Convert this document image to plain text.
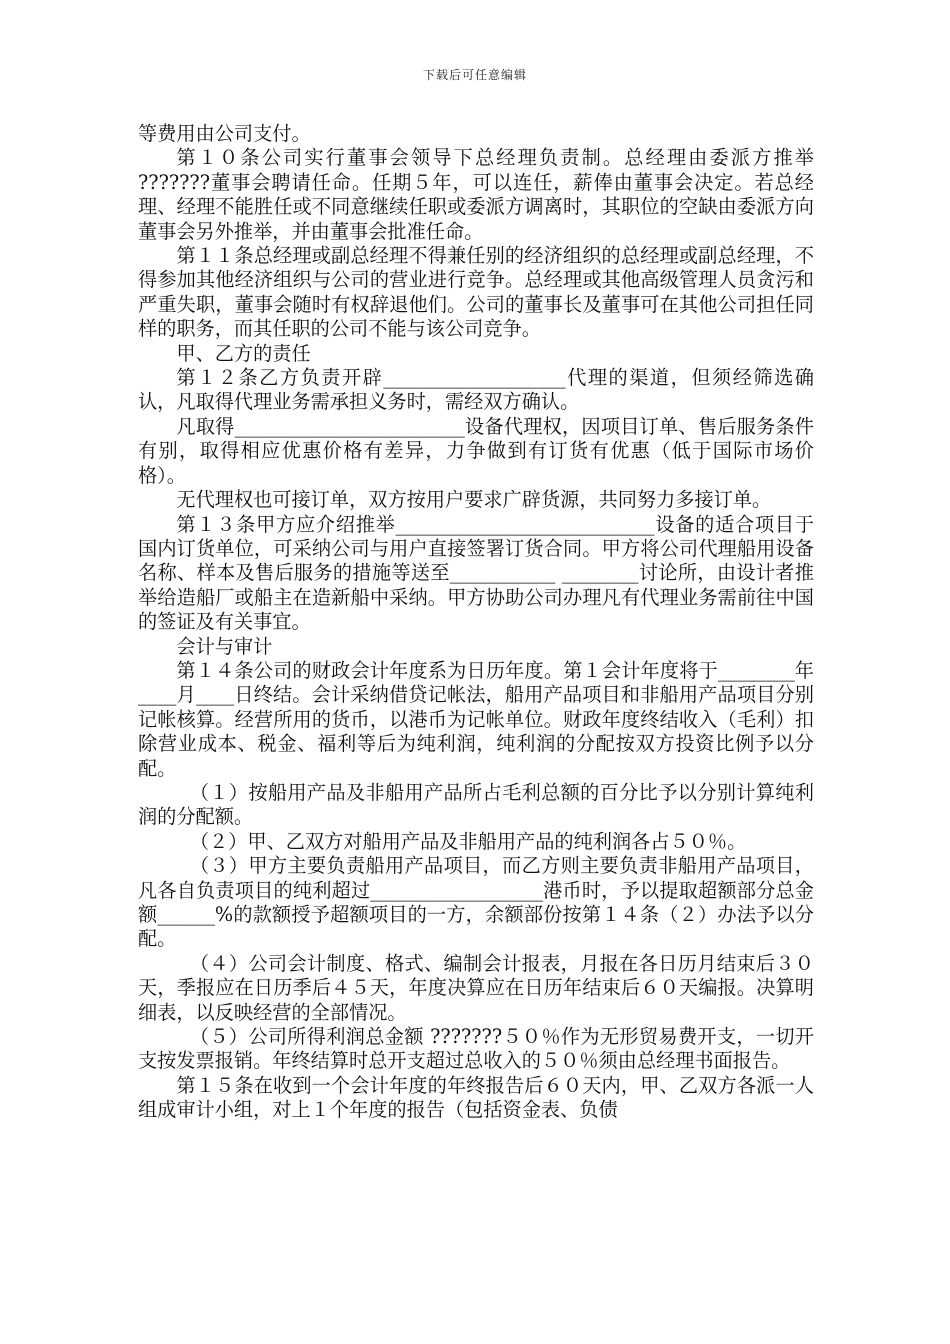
下载后可任意编辑

等费用由公司支付。

第１０条公司实行董事会领导下总经理负责制。总经理由委派方推举 ???????董事会聘请任命。任期５年，可以连任，薪俸由董事会决定。若总经理、经理不能胜任或不同意继续任职或委派方调离时，其职位的空缺由委派方向董事会另外推举，并由董事会批准任命。

第１１条总经理或副总经理不得兼任别的经济组织的总经理或副总经理，不得参加其他经济组织与公司的营业进行竞争。总经理或其他高级管理人员贪污和严重失职，董事会随时有权辞退他们。公司的董事长及董事可在其他公司担任同样的职务，而其任职的公司不能与该公司竞争。

甲、乙方的责任

第１２条乙方负责开辟___________________代理的渠道，但须经筛选确认，凡取得代理业务需承担义务时，需经双方确认。

凡取得________________________设备代理权，因项目订单、售后服务条件有别，取得相应优惠价格有差异，力争做到有订货有优惠（低于国际市场价格）。

无代理权也可接订单，双方按用户要求广辟货源，共同努力多接订单。

第１３条甲方应介绍推举___________________________设备的适合项目于国内订货单位，可采纳公司与用户直接签署订货合同。甲方将公司代理船用设备名称、样本及售后服务的措施等送至___________ ________讨论所，由设计者推举给造船厂或船主在造新船中采纳。甲方协助公司办理凡有代理业务需前往中国的签证及有关事宜。

会计与审计

第１４条公司的财政会计年度系为日历年度。第１会计年度将于________年____月____日终结。会计采纳借贷记帐法，船用产品项目和非船用产品项目分别记帐核算。经营所用的货币，以港币为记帐单位。财政年度终结收入（毛利）扣除营业成本、税金、福利等后为纯利润，纯利润的分配按双方投资比例予以分配。

（１）按船用产品及非船用产品所占毛利总额的百分比予以分别计算纯利润的分配额。

（２）甲、乙双方对船用产品及非船用产品的纯利润各占５０％。

（３）甲方主要负责船用产品项目，而乙方则主要负责非船用产品项目，凡各自负责项目的纯利超过__________________港币时，予以提取超额部分总金额______%的款额授予超额项目的一方，余额部份按第１４条（２）办法予以分配。

（４）公司会计制度、格式、编制会计报表，月报在各日历月结束后３０天，季报应在日历季后４５天，年度决算应在日历年结束后６０天编报。决算明细表，以反映经营的全部情况。

（５）公司所得利润总金额 ???????５０％作为无形贸易费开支，一切开支按发票报销。年终结算时总开支超过总收入的５０％须由总经理书面报告。

第１５条在收到一个会计年度的年终报告后６０天内，甲、乙双方各派一人组成审计小组，对上１个年度的报告（包括资金表、负债
